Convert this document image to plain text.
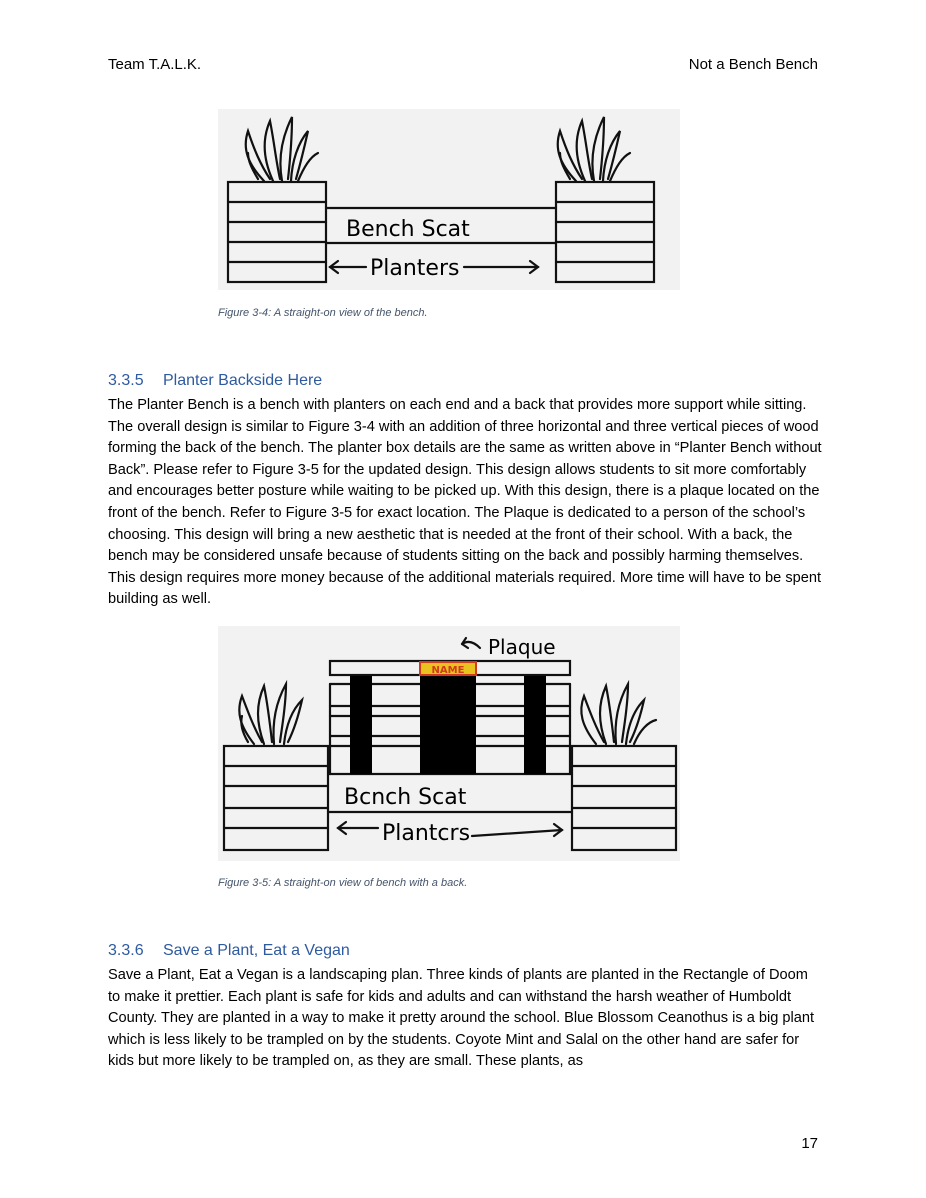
Team T.A.L.K.	Not a Bench Bench
Bench Scat
Planters
Figure 3-4: A straight-on view of the bench.
3.3.5 Planter Backside Here

The Planter Bench is a bench with planters on each end and a back that provides more support while sitting. The overall design is similar to Figure 3-4 with an addition of three horizontal and three vertical pieces of wood forming the back of the bench. The planter box details are the same as written above in “Planter Bench without Back”. Please refer to Figure 3-5 for the updated design. This design allows students to sit more comfortably and encourages better posture while waiting to be picked up. With this design, there is a plaque located on the front of the bench. Refer to Figure 3-5 for exact location. The Plaque is dedicated to a person of the school’s choosing. This design will bring a new aesthetic that is needed at the front of their school. With a back, the bench may be considered unsafe because of students sitting on the back and possibly harming themselves. This design requires more money because of the additional materials required. More time will have to be spent building as well.

NAME
Plaque
Bcnch Scat
Plantcrs
Figure 3-5: A straight-on view of bench with a back.
3.3.6 Save a Plant, Eat a Vegan

Save a Plant, Eat a Vegan is a landscaping plan. Three kinds of plants are planted in the Rectangle of Doom to make it prettier. Each plant is safe for kids and adults and can withstand the harsh weather of Humboldt County. They are planted in a way to make it pretty around the school. Blue Blossom Ceanothus is a big plant which is less likely to be trampled on by the students. Coyote Mint and Salal on the other hand are safer for kids but more likely to be trampled on, as they are small. These plants, as

17
